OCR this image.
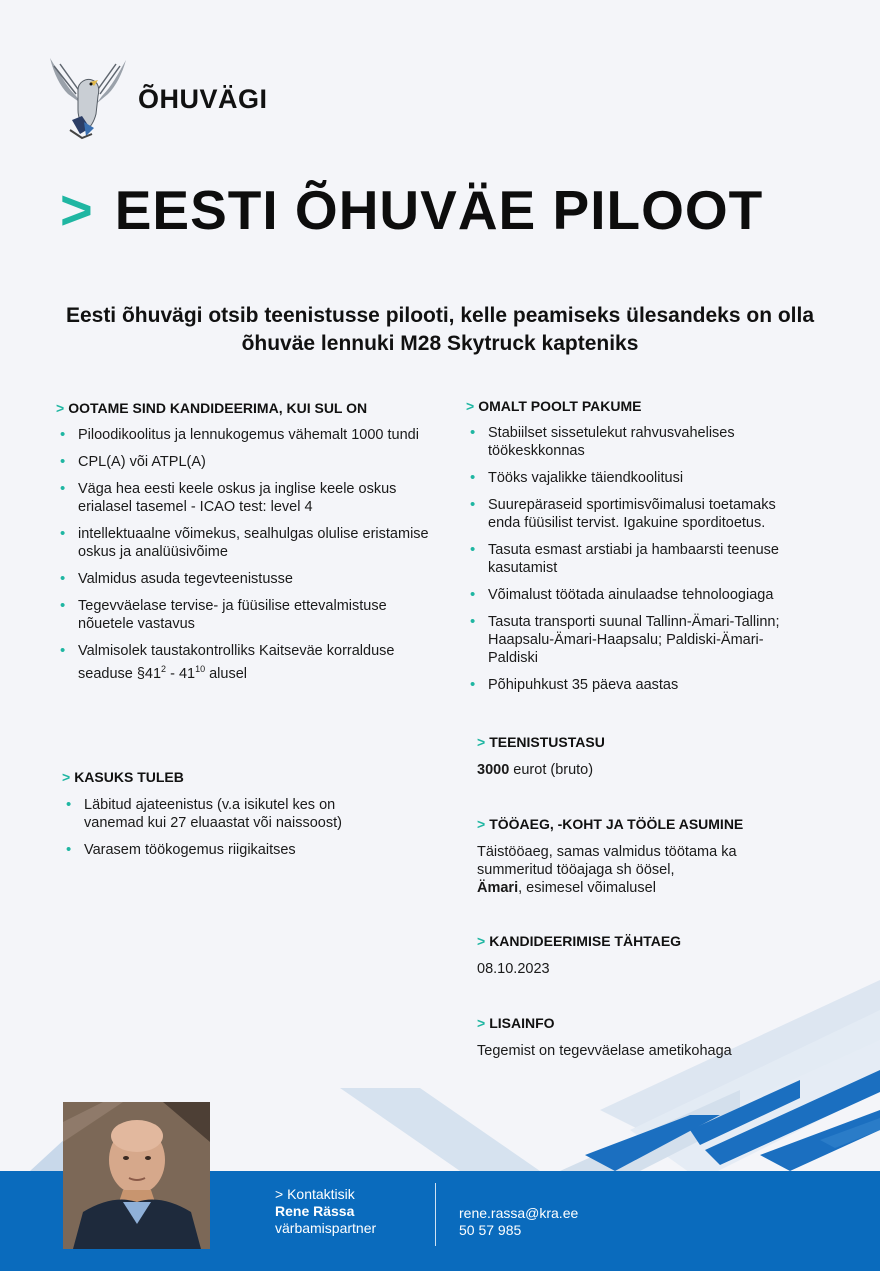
ÕHUVÄGI
> EESTI ÕHUVÄE PILOOT
Eesti õhuvägi otsib teenistusse pilooti, kelle peamiseks ülesandeks on olla õhuväe lennuki M28 Skytruck kapteniks
> OOTAME SIND KANDIDEERIMA, KUI SUL ON
• Piloodikoolitus ja lennukogemus vähemalt 1000 tundi
• CPL(A) või ATPL(A)
• Väga hea eesti keele oskus ja inglise keele oskus erialasel tasemel - ICAO test: level 4
• intellektuaalne võimekus, sealhulgas olulise eristamise oskus ja analüüsivõime
• Valmidus asuda tegevteenistusse
• Tegevväelase tervise- ja füüsilise ettevalmistuse nõuetele vastavus
• Valmisolek taustakontrolliks Kaitseväe korralduse seaduse $\S 41^2 - 41^{10}$ alusel
> OMALT POOLT PAKUME
• Stabiilset sissetulekut rahvusvahelises töökeskkonnas
• Tööks vajalikke täiendkoolitusi
• Suurepäraseid sportimisvõimalusi toetamaks enda füüsilist tervist. Igakuine sporditoetus.
• Tasuta esmast arstiabi ja hambaarsti teenuse kasutamist
• Võimalust töötada ainulaadse tehnoloogiaga
• Tasuta transporti suunal Tallinn-Ämari-Tallinn; Haapsalu-Ämari-Haapsalu; Paldiski-Ämari-Paldiski
• Põhipuhkust 35 päeva aastas
> KASUKS TULEB
• Läbitud ajateenistus (v.a isikutel kes on vanemad kui 27 eluaastat või naissoost)
• Varasem töökogemus riigikaitses
> TEENISTUSTASU
3000 eurot (bruto)
> TÖÖAEG, -KOHT JA TÖÖLE ASUMINE
Täistööaeg, samas valmidus töötama ka summeritud tööajaga sh öösel,
Ämari, esimesel võimalusel
> KANDIDEERIMISE TÄHTAEG
08.10.2023
> LISAINFO
Tegemist on tegevväelase ametikohaga
> Kontaktisik
Rene Rässa
värbamispartner
rene.rassa@kra.ee
50 57 985
